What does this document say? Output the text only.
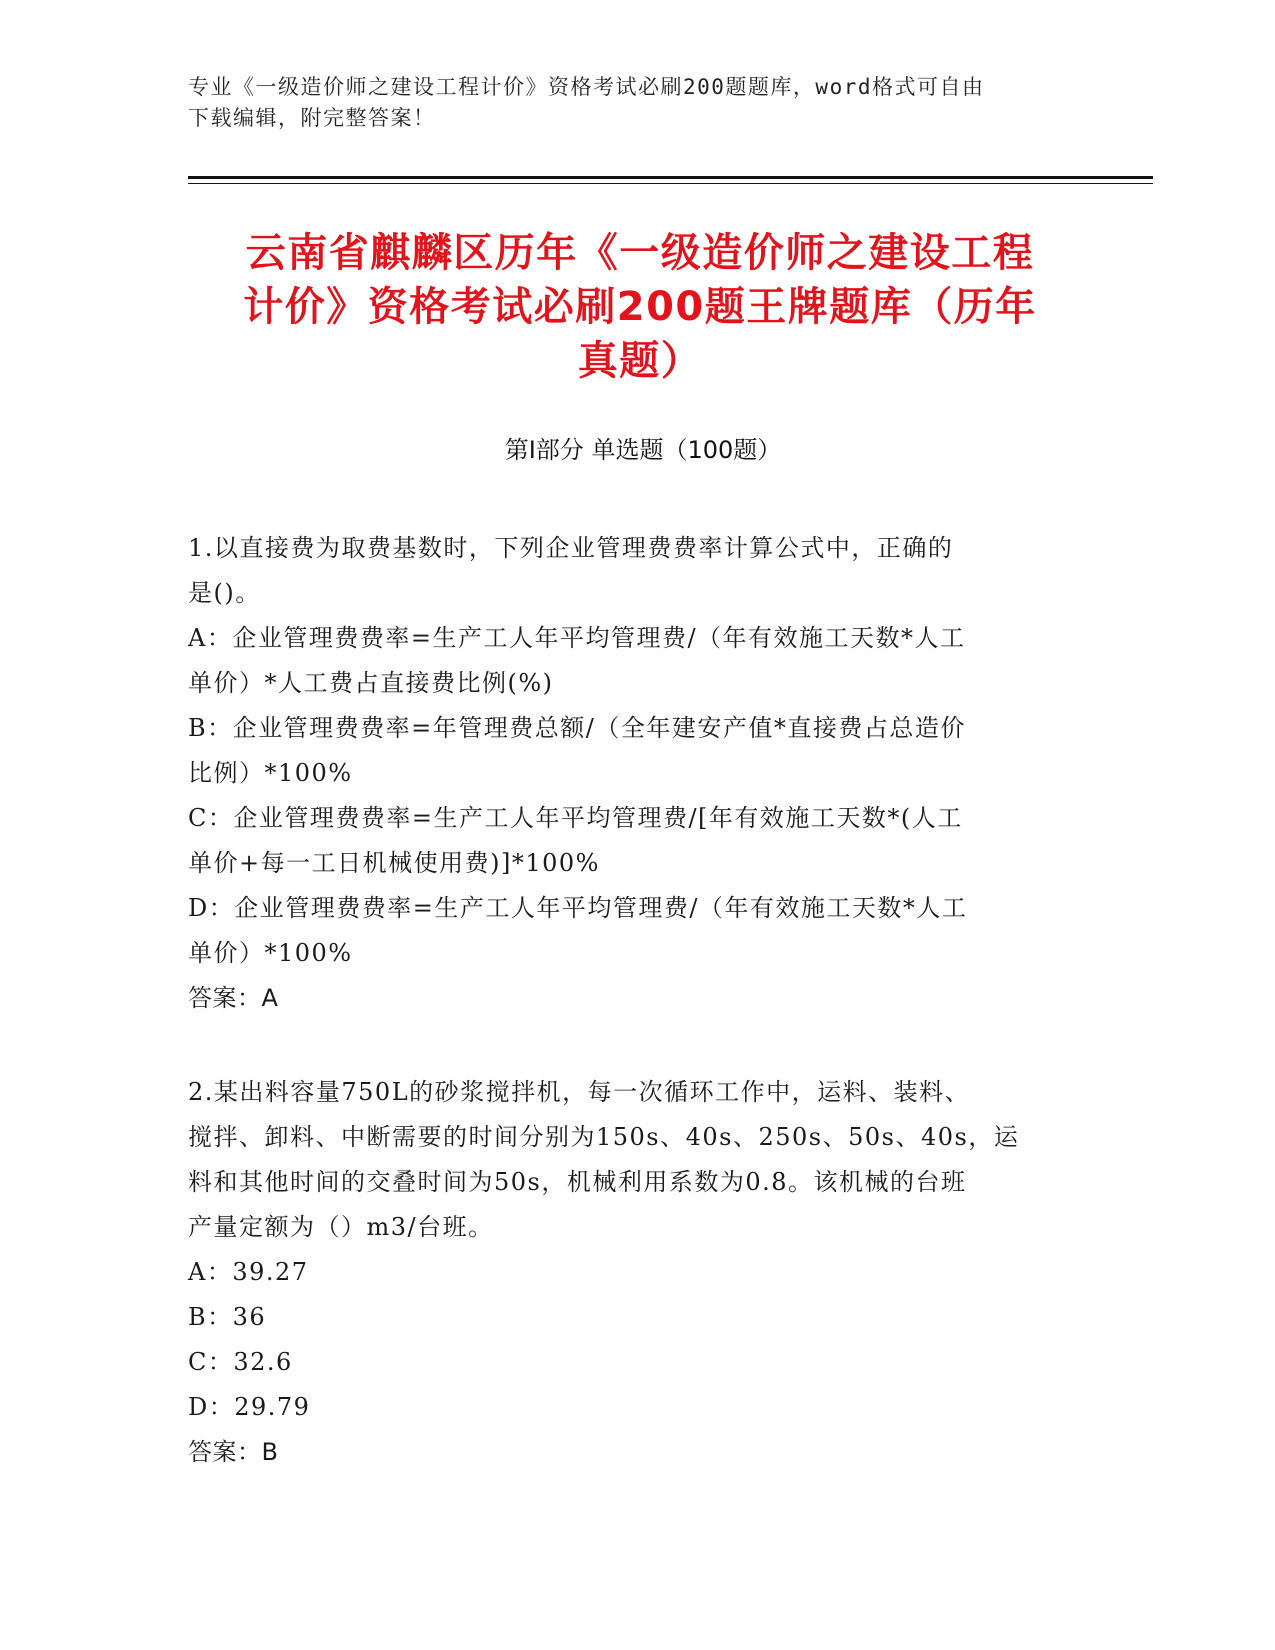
专业《一级造价师之建设工程计价》资格考试必刷200题题库，word格式可自由
下载编辑，附完整答案！
云南省麒麟区历年《一级造价师之建设工程
计价》资格考试必刷200题王牌题库（历年
真题）
第Ⅰ部分 单选题（100题）
1.以直接费为取费基数时，下列企业管理费费率计算公式中，正确的
是()。
A：企业管理费费率=生产工人年平均管理费/（年有效施工天数*人工
单价）*人工费占直接费比例(%)
B：企业管理费费率=年管理费总额/（全年建安产值*直接费占总造价
比例）*100%
C：企业管理费费率=生产工人年平均管理费/[年有效施工天数*(人工
单价+每一工日机械使用费)]*100%
D：企业管理费费率=生产工人年平均管理费/（年有效施工天数*人工
单价）*100%
答案：A
2.某出料容量750L的砂浆搅拌机，每一次循环工作中，运料、装料、
搅拌、卸料、中断需要的时间分别为150s、40s、250s、50s、40s，运
料和其他时间的交叠时间为50s，机械利用系数为0.8。该机械的台班
产量定额为（）m3/台班。
A：39.27
B：36
C：32.6
D：29.79
答案：B
